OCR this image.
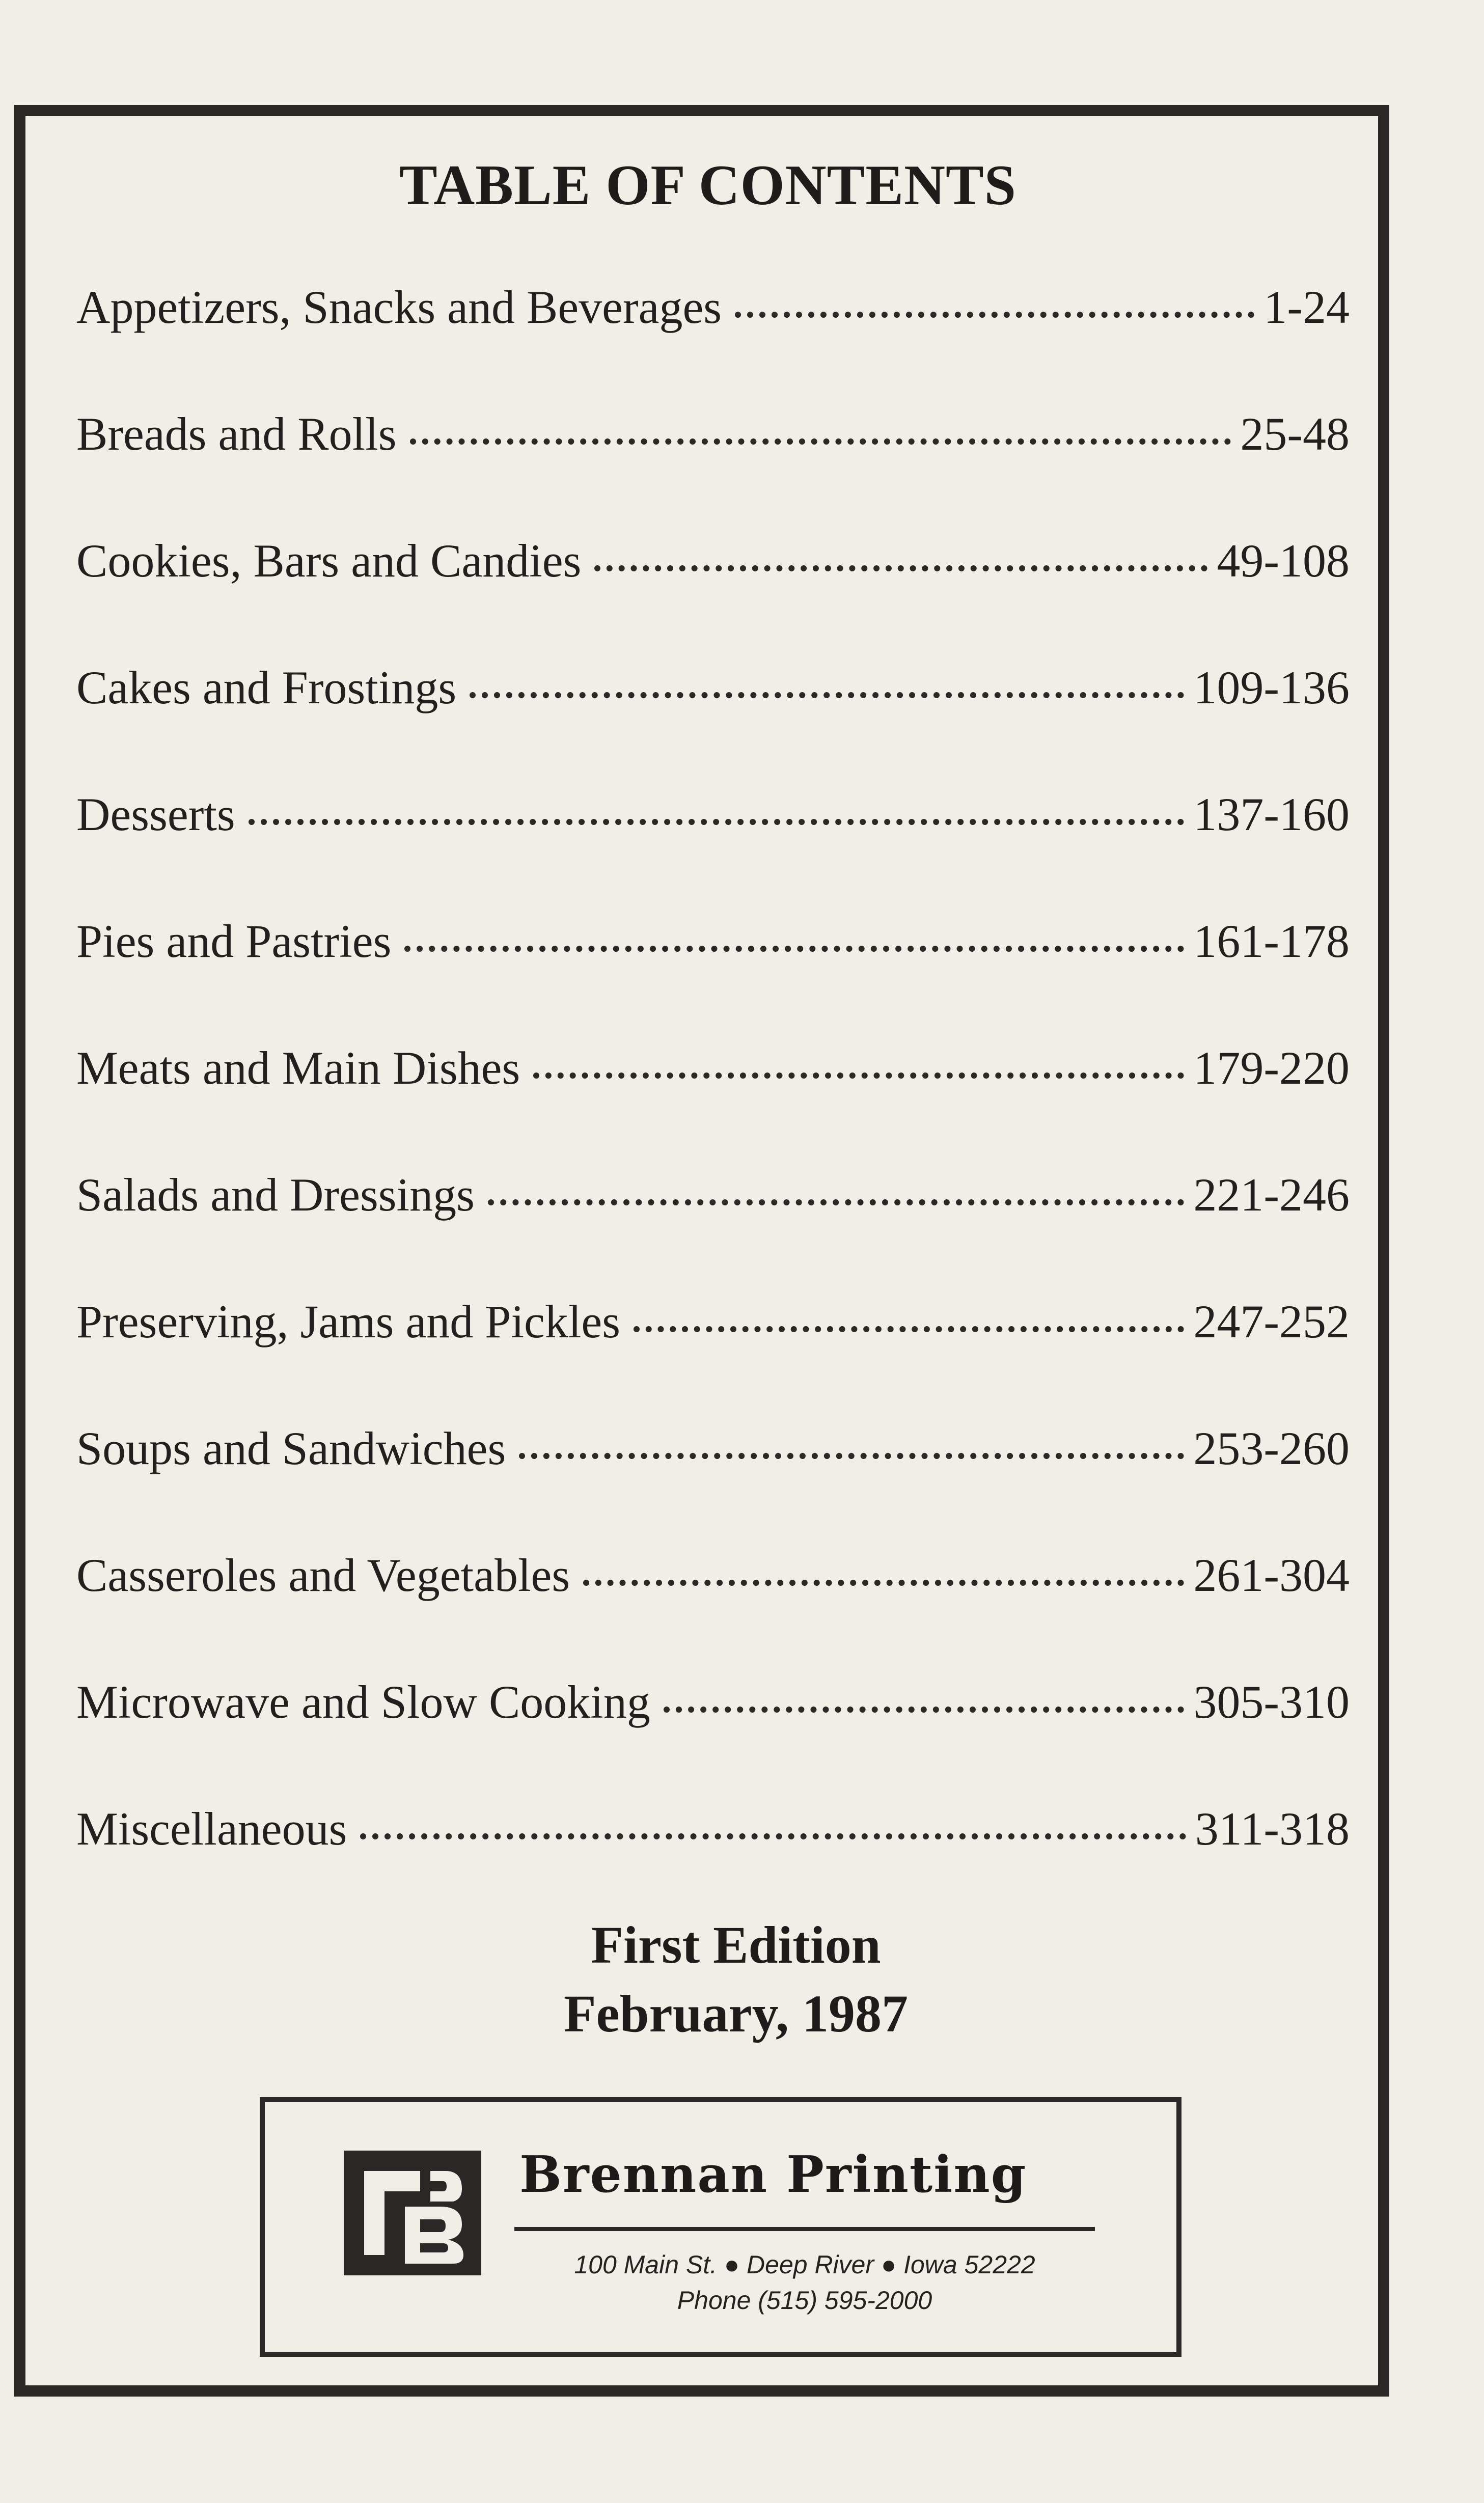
TABLE OF CONTENTS
Appetizers, Snacks and Beverages	1-24
Breads and Rolls	25-48
Cookies, Bars and Candies	49-108
Cakes and Frostings	109-136
Desserts	137-160
Pies and Pastries	161-178
Meats and Main Dishes	179-220
Salads and Dressings	221-246
Preserving, Jams and Pickles	247-252
Soups and Sandwiches	253-260
Casseroles and Vegetables	261-304
Microwave and Slow Cooking	305-310
Miscellaneous	311-318
First Edition
February, 1987
Brennan Printing
100 Main St. ● Deep River ● Iowa 52222
Phone (515) 595-2000
